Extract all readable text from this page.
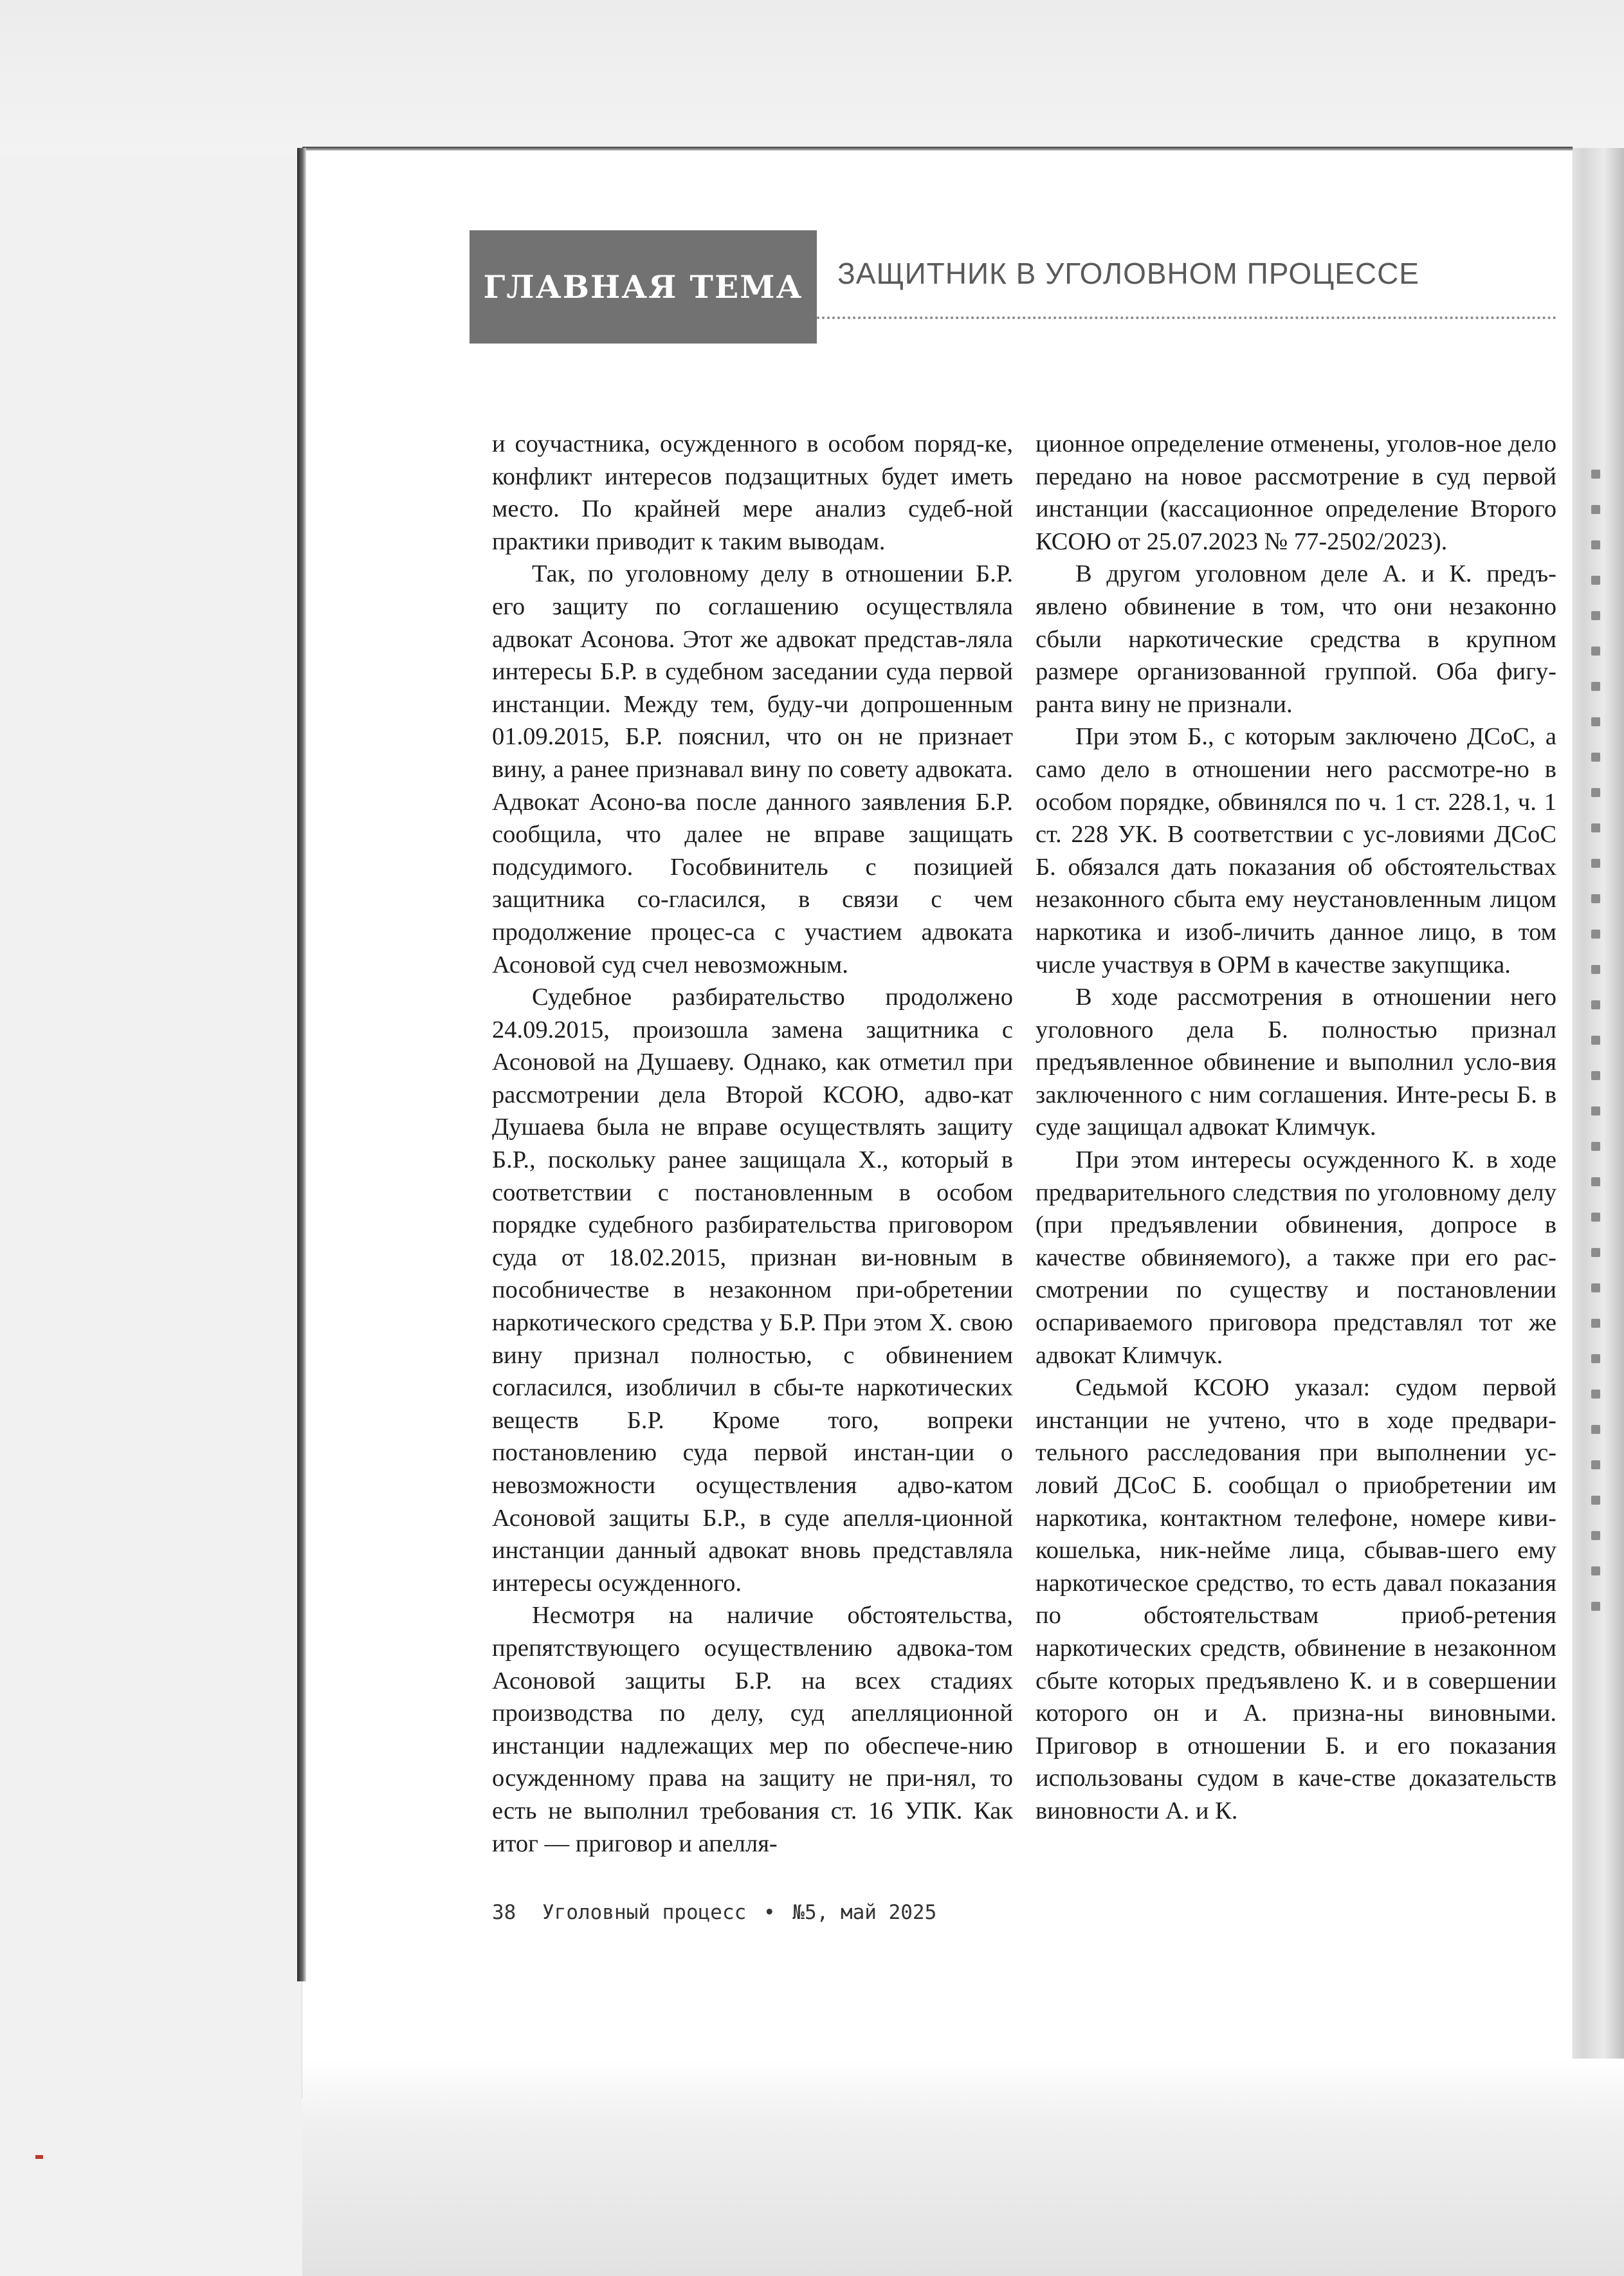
ГЛАВНАЯ ТЕМА ЗАЩИТНИК В УГОЛОВНОМ ПРОЦЕССЕ

и соучастника, осужденного в особом поряд-ке, конфликт интересов подзащитных будет иметь место. По крайней мере анализ судеб-ной практики приводит к таким выводам.

Так, по уголовному делу в отношении Б.Р. его защиту по соглашению осуществляла адвокат Асонова. Этот же адвокат представ-ляла интересы Б.Р. в судебном заседании суда первой инстанции. Между тем, буду-чи допрошенным 01.09.2015, Б.Р. пояснил, что он не признает вину, а ранее признавал вину по совету адвоката. Адвокат Асоно-ва после данного заявления Б.Р. сообщила, что далее не вправе защищать подсудимого. Гособвинитель с позицией защитника со-гласился, в связи с чем продолжение процес-са с участием адвоката Асоновой суд счел невозможным.

Судебное разбирательство продолжено 24.09.2015, произошла замена защитника с Асоновой на Душаеву. Однако, как отметил при рассмотрении дела Второй КСОЮ, адво-кат Душаева была не вправе осуществлять защиту Б.Р., поскольку ранее защищала Х., который в соответствии с постановленным в особом порядке судебного разбирательства приговором суда от 18.02.2015, признан ви-новным в пособничестве в незаконном при-обретении наркотического средства у Б.Р. При этом Х. свою вину признал полностью, с обвинением согласился, изобличил в сбы-те наркотических веществ Б.Р. Кроме того, вопреки постановлению суда первой инстан-ции о невозможности осуществления адво-катом Асоновой защиты Б.Р., в суде апелля-ционной инстанции данный адвокат вновь представляла интересы осужденного.

Несмотря на наличие обстоятельства, препятствующего осуществлению адвока-том Асоновой защиты Б.Р. на всех стадиях производства по делу, суд апелляционной инстанции надлежащих мер по обеспече-нию осужденному права на защиту не при-нял, то есть не выполнил требования ст. 16 УПК. Как итог — приговор и апелля-

ционное определение отменены, уголов-ное дело передано на новое рассмотрение в суд первой инстанции (кассационное определение Второго КСОЮ от 25.07.2023 № 77-2502/2023).

В другом уголовном деле А. и К. предъ-явлено обвинение в том, что они незаконно сбыли наркотические средства в крупном размере организованной группой. Оба фигу-ранта вину не признали.

При этом Б., с которым заключено ДСоС, а само дело в отношении него рассмотре-но в особом порядке, обвинялся по ч. 1 ст. 228.1, ч. 1 ст. 228 УК. В соответствии с ус-ловиями ДСоС Б. обязался дать показания об обстоятельствах незаконного сбыта ему неустановленным лицом наркотика и изоб-личить данное лицо, в том числе участвуя в ОРМ в качестве закупщика.

В ходе рассмотрения в отношении него уголовного дела Б. полностью признал предъявленное обвинение и выполнил усло-вия заключенного с ним соглашения. Инте-ресы Б. в суде защищал адвокат Климчук.

При этом интересы осужденного К. в ходе предварительного следствия по уголовному делу (при предъявлении обвинения, допросе в качестве обвиняемого), а также при его рас-смотрении по существу и постановлении оспариваемого приговора представлял тот же адвокат Климчук.

Седьмой КСОЮ указал: судом первой инстанции не учтено, что в ходе предвари-тельного расследования при выполнении ус-ловий ДСоС Б. сообщал о приобретении им наркотика, контактном телефоне, номере киви-кошелька, ник-нейме лица, сбывав-шего ему наркотическое средство, то есть давал показания по обстоятельствам приоб-ретения наркотических средств, обвинение в незаконном сбыте которых предъявлено К. и в совершении которого он и А. призна-ны виновными. Приговор в отношении Б. и его показания использованы судом в каче-стве доказательств виновности А. и К.

38 Уголовный процесс • №5, май 2025
